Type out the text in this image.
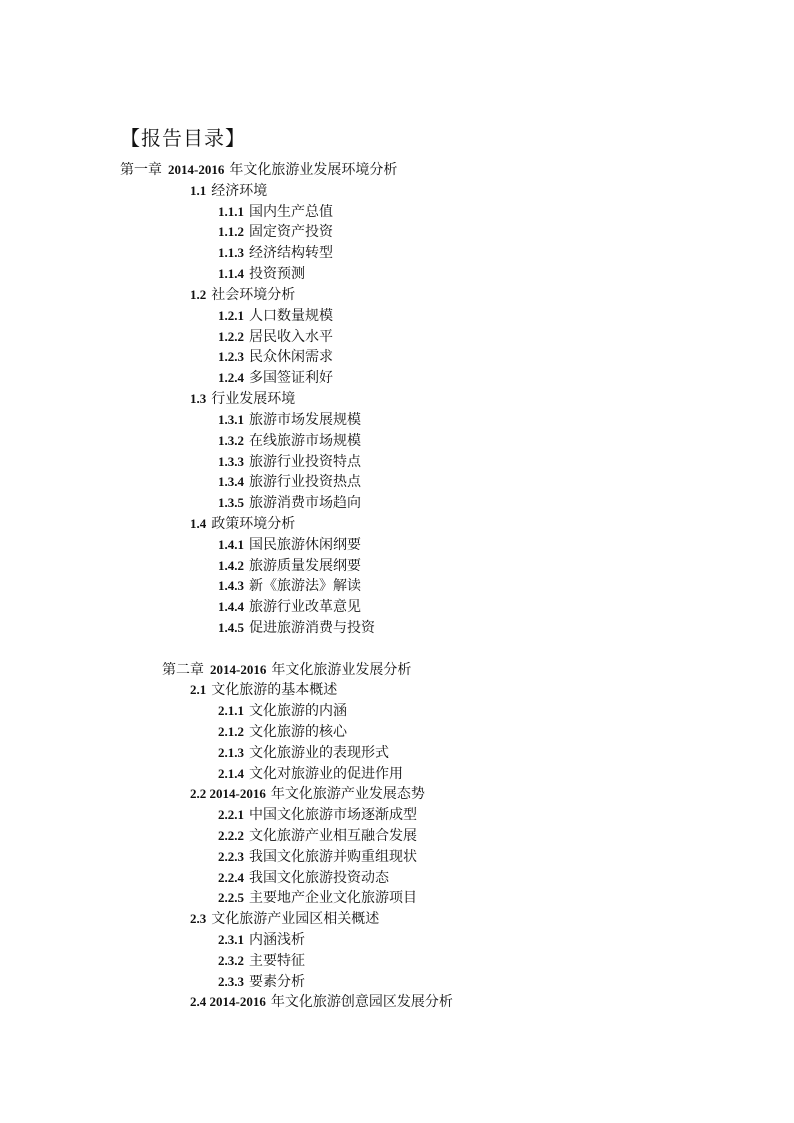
【报告目录】
第一章 2014-2016 年文化旅游业发展环境分析
1.1 经济环境
1.1.1 国内生产总值
1.1.2 固定资产投资
1.1.3 经济结构转型
1.1.4 投资预测
1.2 社会环境分析
1.2.1 人口数量规模
1.2.2 居民收入水平
1.2.3 民众休闲需求
1.2.4 多国签证利好
1.3 行业发展环境
1.3.1 旅游市场发展规模
1.3.2 在线旅游市场规模
1.3.3 旅游行业投资特点
1.3.4 旅游行业投资热点
1.3.5 旅游消费市场趋向
1.4 政策环境分析
1.4.1 国民旅游休闲纲要
1.4.2 旅游质量发展纲要
1.4.3 新《旅游法》解读
1.4.4 旅游行业改革意见
1.4.5 促进旅游消费与投资
第二章 2014-2016 年文化旅游业发展分析
2.1 文化旅游的基本概述
2.1.1 文化旅游的内涵
2.1.2 文化旅游的核心
2.1.3 文化旅游业的表现形式
2.1.4 文化对旅游业的促进作用
2.2 2014-2016 年文化旅游产业发展态势
2.2.1 中国文化旅游市场逐渐成型
2.2.2 文化旅游产业相互融合发展
2.2.3 我国文化旅游并购重组现状
2.2.4 我国文化旅游投资动态
2.2.5 主要地产企业文化旅游项目
2.3 文化旅游产业园区相关概述
2.3.1 内涵浅析
2.3.2 主要特征
2.3.3 要素分析
2.4 2014-2016 年文化旅游创意园区发展分析
